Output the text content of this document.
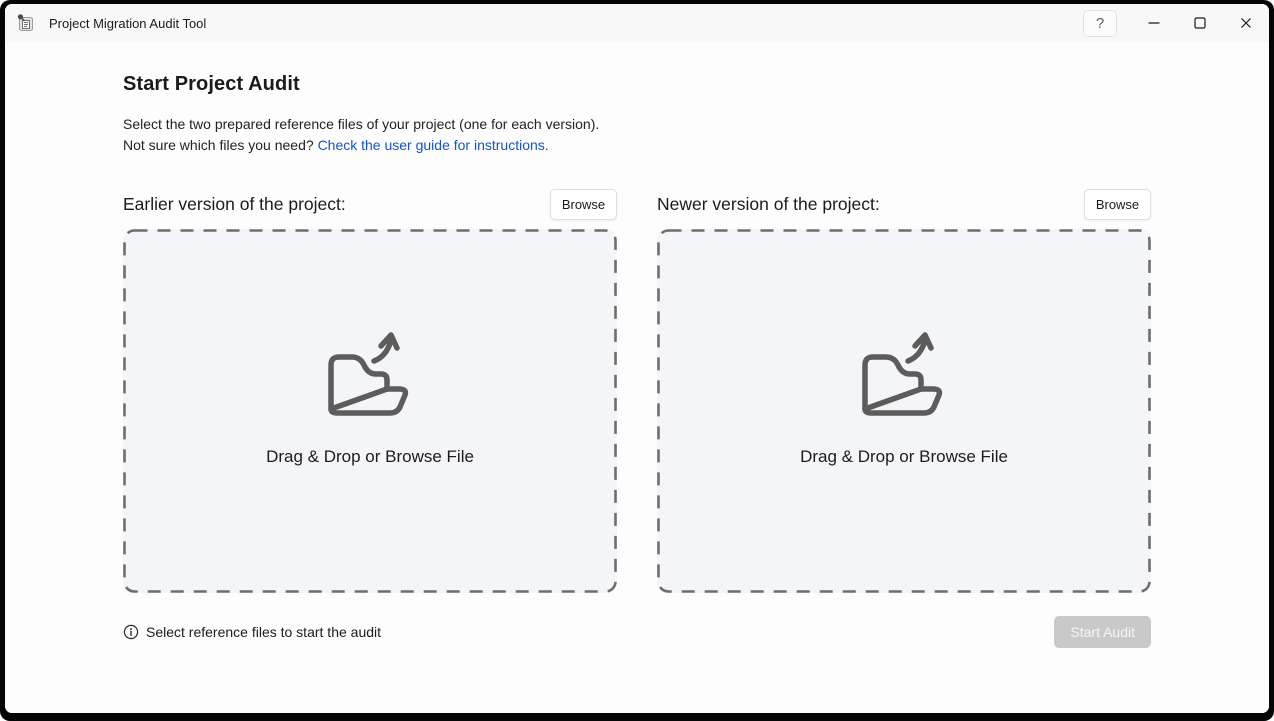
Project Migration Audit Tool	?
Start Project Audit

Select the two prepared reference files of your project (one for each version).
Not sure which files you need? Check the user guide for instructions.

Earlier version of the project:	Browse	Newer version of the project:	Browse
Drag & Drop or Browse File	Drag & Drop or Browse File
Select reference files to start the audit	Start Audit
